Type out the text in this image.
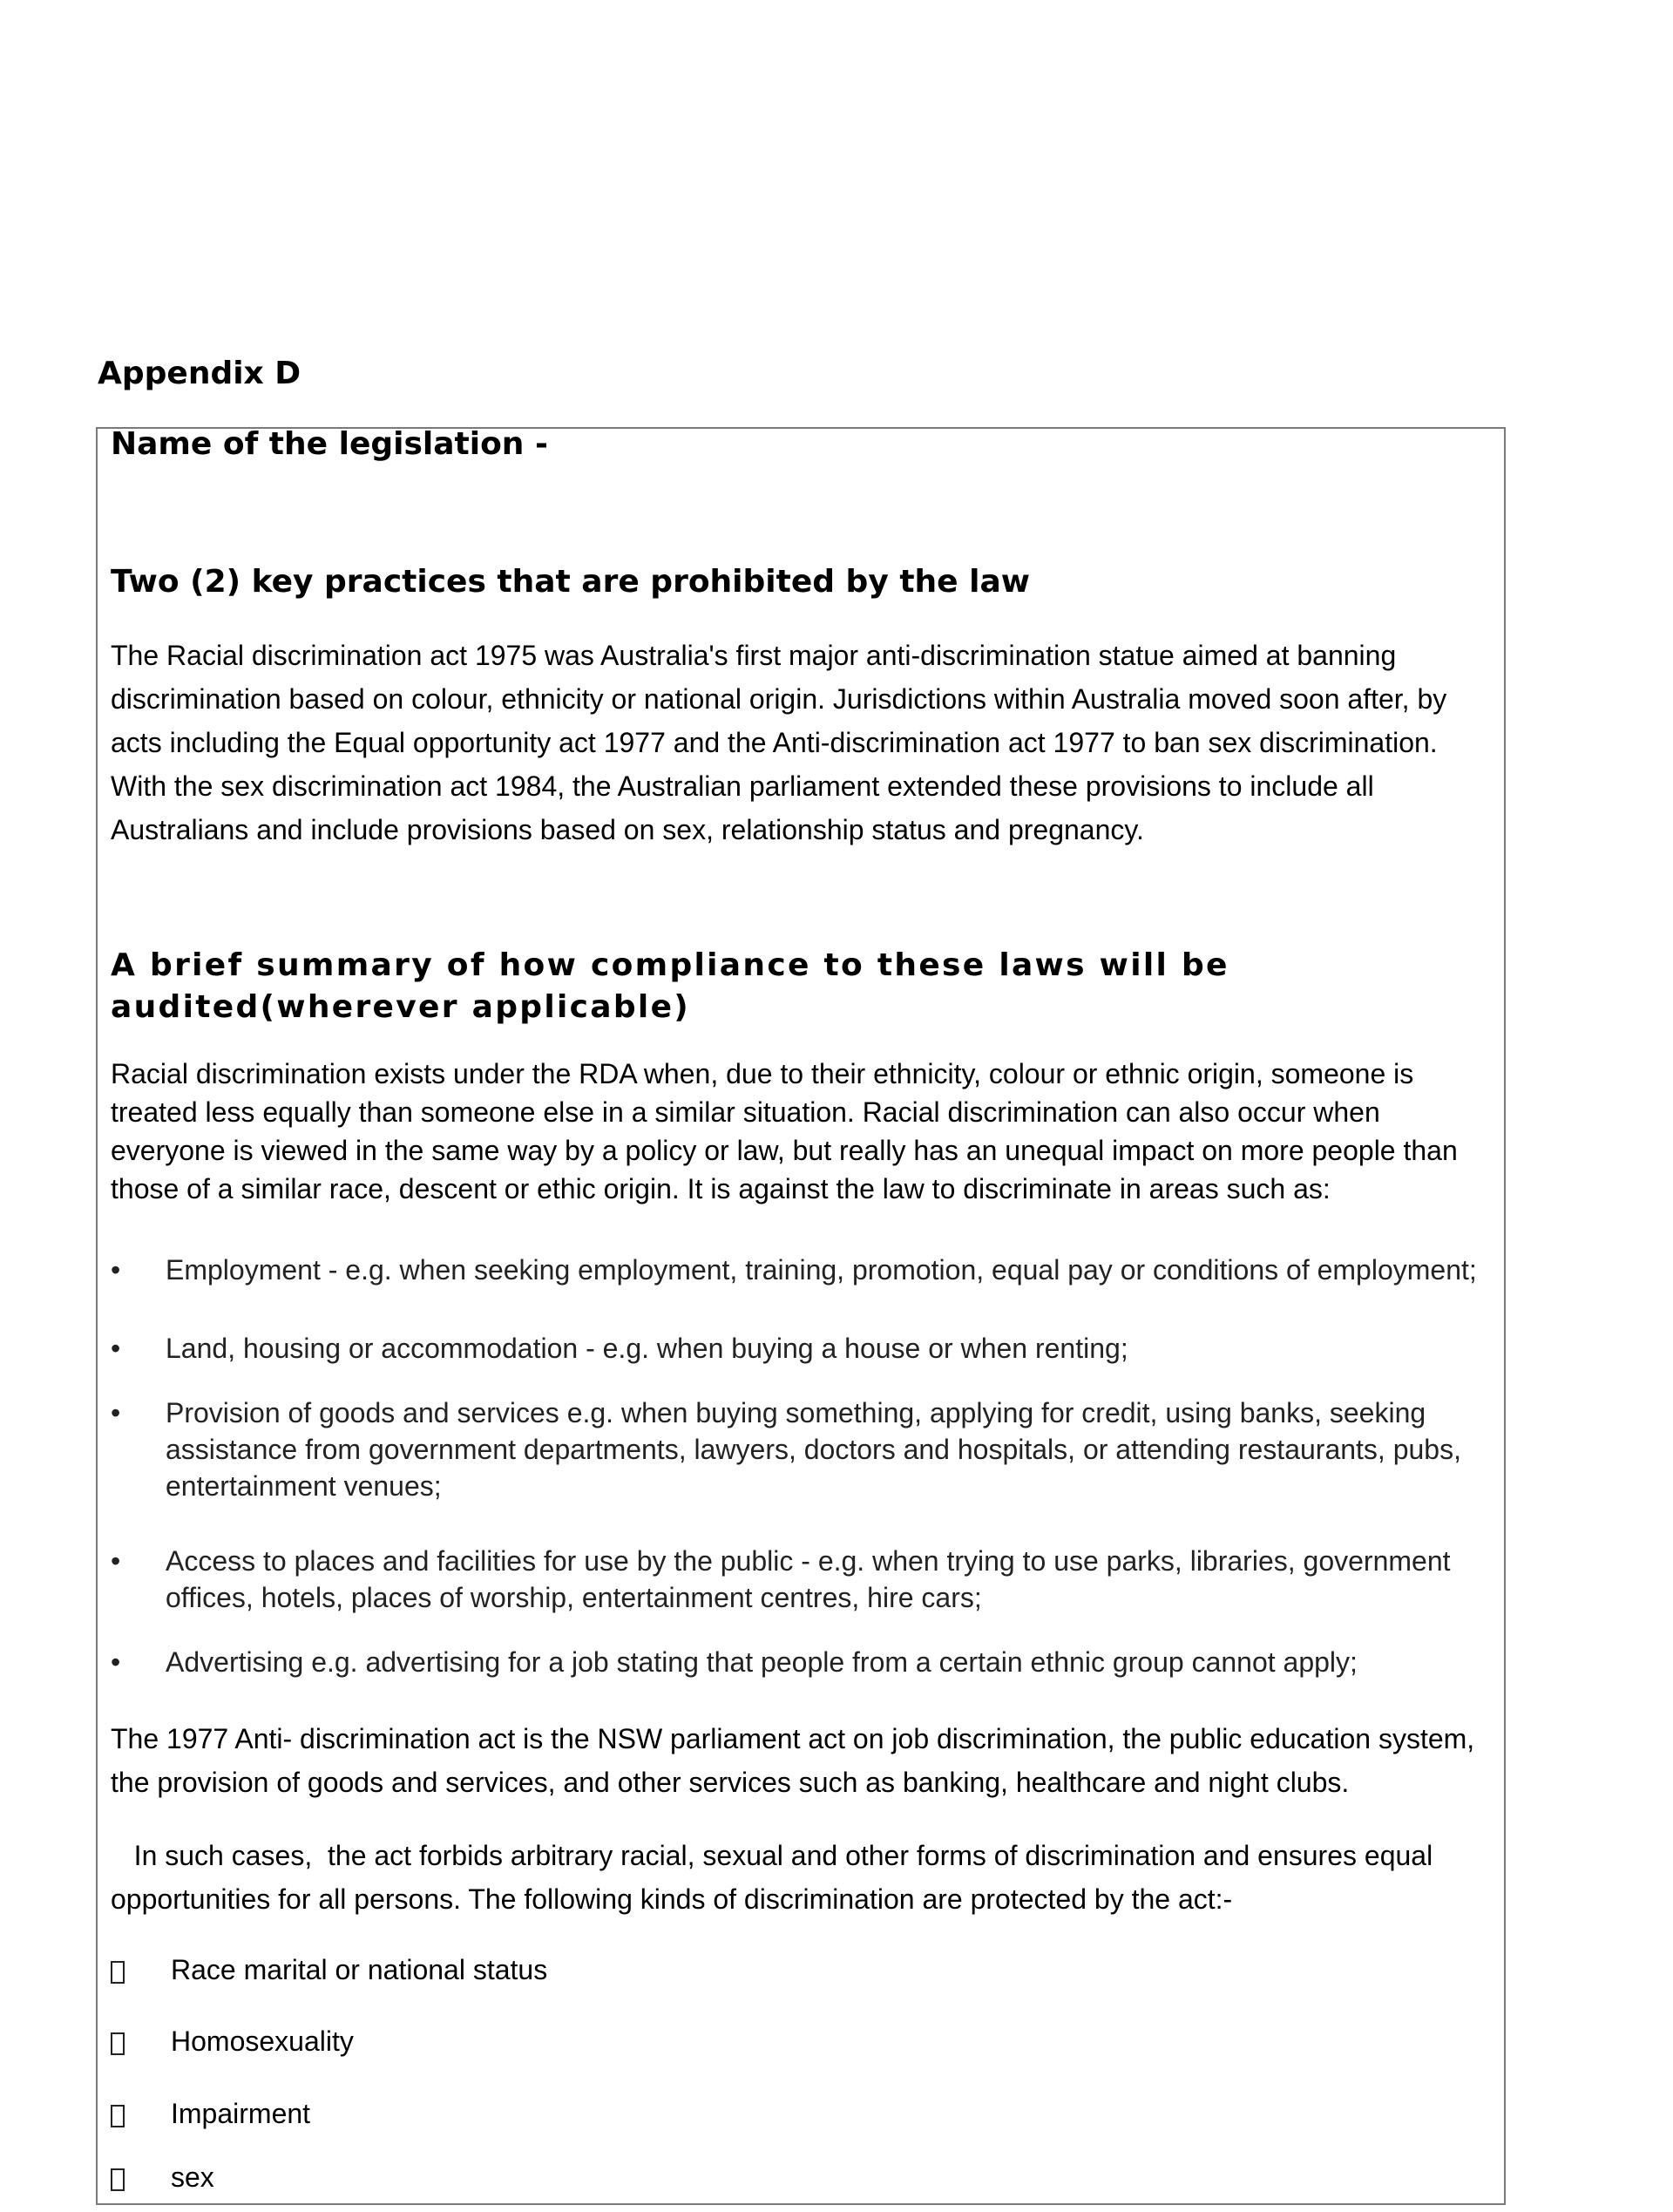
Appendix D
Name of the legislation -
Two (2) key practices that are prohibited by the law

The Racial discrimination act 1975 was Australia's first major anti-discrimination statue aimed at banning discrimination based on colour, ethnicity or national origin. Jurisdictions within Australia moved soon after, by acts including the Equal opportunity act 1977 and the Anti-discrimination act 1977 to ban sex discrimination. With the sex discrimination act 1984, the Australian parliament extended these provisions to include all Australians and include provisions based on sex, relationship status and pregnancy.

A brief summary of how compliance to these laws will be audited(wherever applicable)

Racial discrimination exists under the RDA when, due to their ethnicity, colour or ethnic origin, someone is treated less equally than someone else in a similar situation. Racial discrimination can also occur when everyone is viewed in the same way by a policy or law, but really has an unequal impact on more people than those of a similar race, descent or ethic origin. It is against the law to discriminate in areas such as:

•	Employment - e.g. when seeking employment, training, promotion, equal pay or conditions of employment;
•	Land, housing or accommodation - e.g. when buying a house or when renting;
•	Provision of goods and services e.g. when buying something, applying for credit, using banks, seeking assistance from government departments, lawyers, doctors and hospitals, or attending restaurants, pubs, entertainment venues;
•	Access to places and facilities for use by the public - e.g. when trying to use parks, libraries, government offices, hotels, places of worship, entertainment centres, hire cars;
•	Advertising e.g. advertising for a job stating that people from a certain ethnic group cannot apply;

The 1977 Anti- discrimination act is the NSW parliament act on job discrimination, the public education system, the provision of goods and services, and other services such as banking, healthcare and night clubs.

In such cases,  the act forbids arbitrary racial, sexual and other forms of discrimination and ensures equal opportunities for all persons. The following kinds of discrimination are protected by the act:-

Race marital or national status
Homosexuality
Impairment
sex
